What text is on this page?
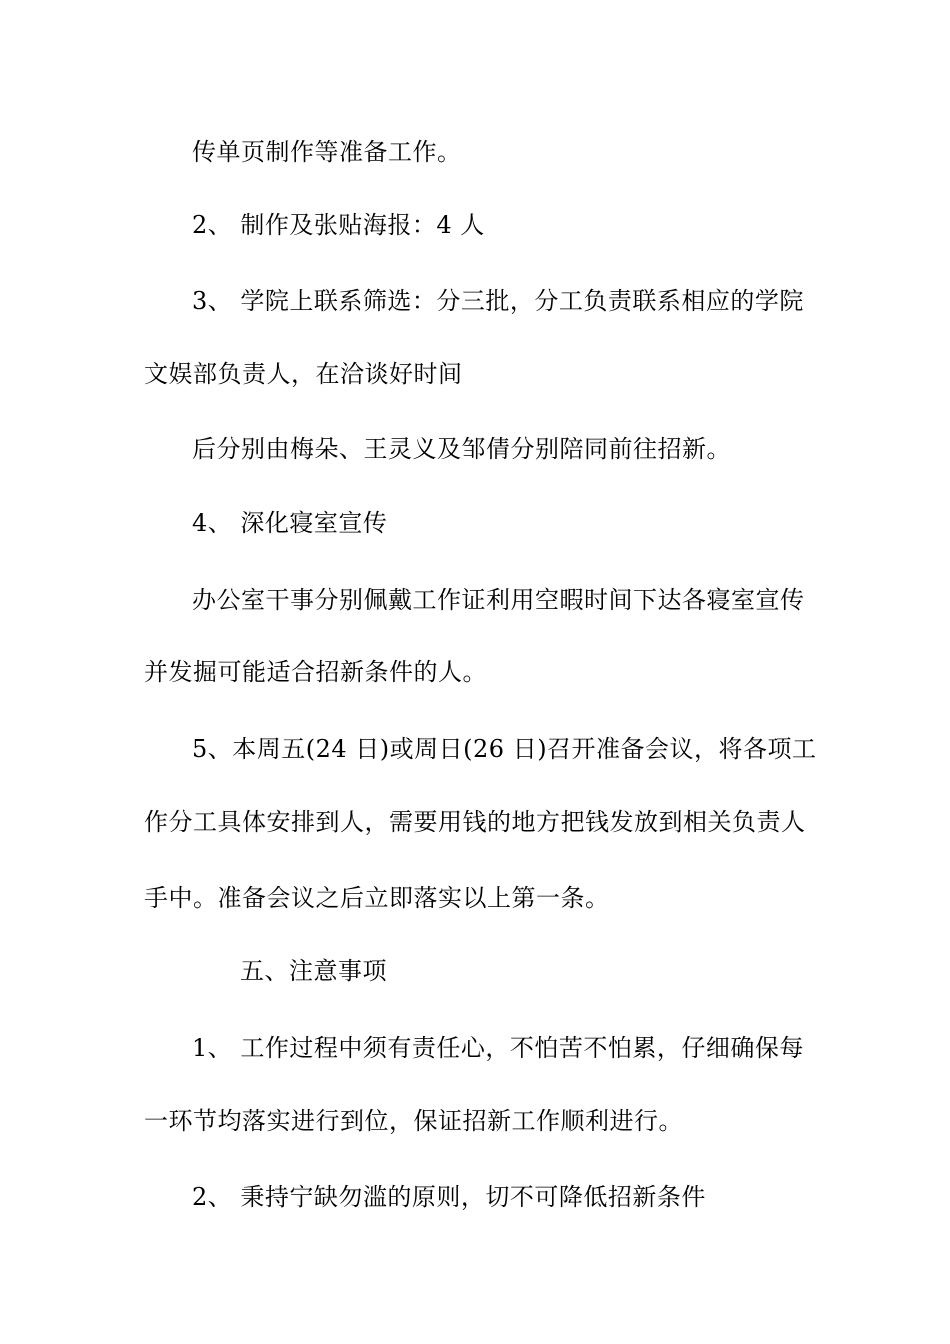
传单页制作等准备工作。
2、 制作及张贴海报：4 人
3、 学院上联系筛选：分三批，分工负责联系相应的学院
文娱部负责人，在洽谈好时间
后分别由梅朵、王灵义及邹倩分别陪同前往招新。
4、 深化寝室宣传
办公室干事分别佩戴工作证利用空暇时间下达各寝室宣传
并发掘可能适合招新条件的人。
5、本周五(24 日)或周日(26 日)召开准备会议，将各项工
作分工具体安排到人，需要用钱的地方把钱发放到相关负责人
手中。准备会议之后立即落实以上第一条。
五、注意事项
1、 工作过程中须有责任心，不怕苦不怕累，仔细确保每
一环节均落实进行到位，保证招新工作顺利进行。
2、 秉持宁缺勿滥的原则，切不可降低招新条件
